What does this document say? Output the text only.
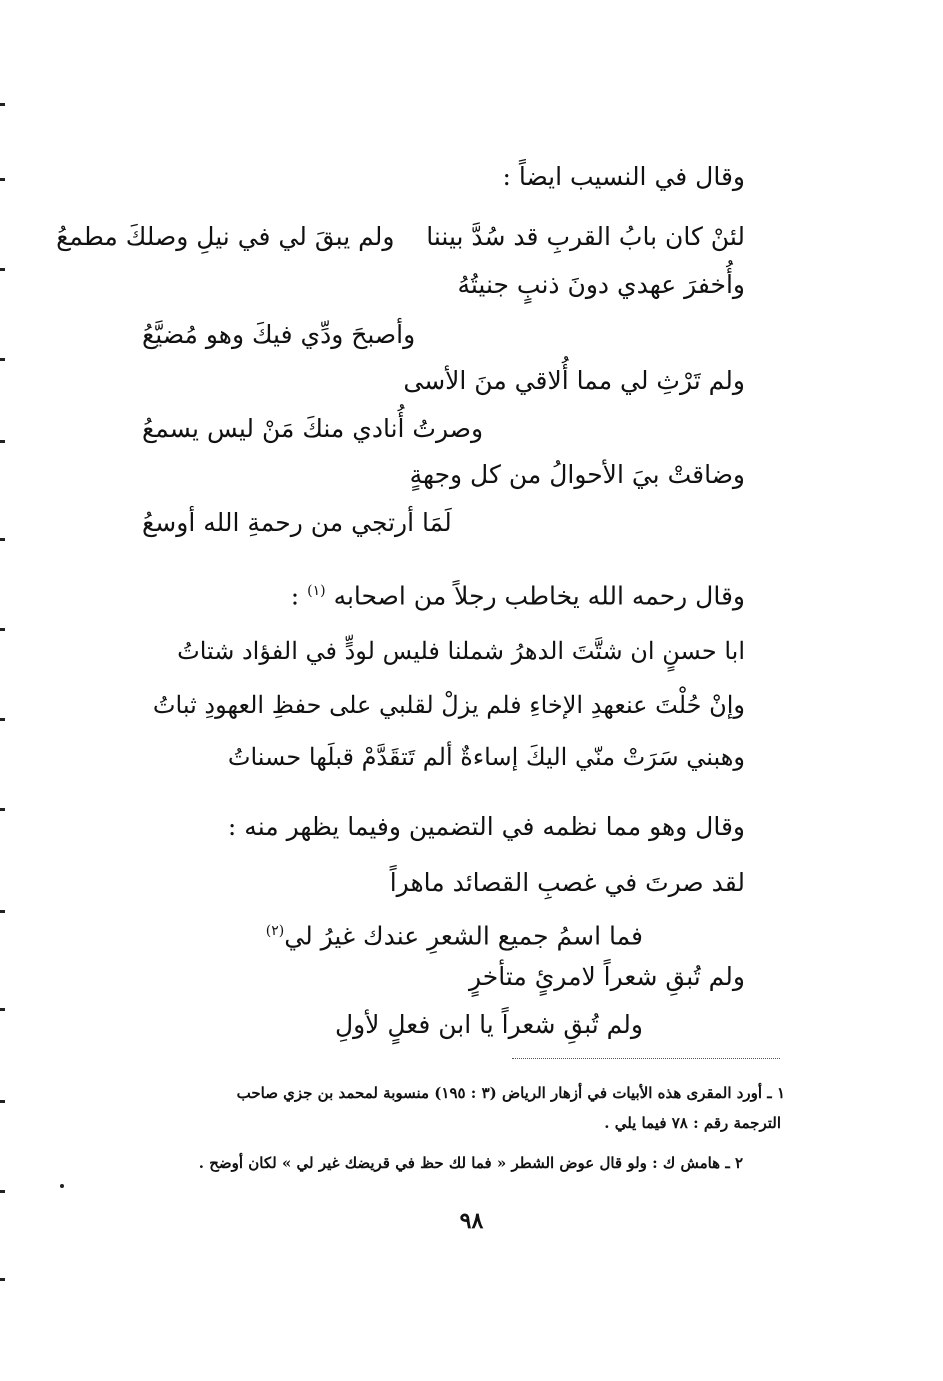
وقال في النسيب ايضاً :
لئنْ كان بابُ القربِ قد سُدَّ بيننا    ولم يبقَ لي في نيلِ وصلكَ مطمعُ
وأُخفرَ عهدي دونَ ذنبٍ جنيتُهُ
وأصبحَ ودِّي فيكَ وهو مُضيَّعُ
ولم تَرْثِ لي مما أُلاقي منَ الأسى
وصرتُ أُنادي منكَ مَنْ ليس يسمعُ
وضاقتْ بيَ الأحوالُ من كل وجهةٍ
لَمَا أرتجي من رحمةِ الله أوسعُ
وقال رحمه الله يخاطب رجلاً من اصحابه $^{(١)}$ :
ابا حسنٍ ان شتَّتَ الدهرُ شملنا فليس لودٍّ في الفؤاد شتاتُ
وإنْ حُلْتَ عنعهدِ الإخاءِ فلم يزلْ لقلبي على حفظِ العهودِ ثباتُ
وهبني سَرَتْ منّي اليكَ إساءةٌ ألم تَتقَدَّمْ قبلَها حسناتُ
وقال وهو مما نظمه في التضمين وفيما يظهر منه :
لقد صرتَ في غصبِ القصائد ماهراً
فما اسمُ جميع الشعرِ عندك غيرُ لي$^{(٢)}$
ولم تُبقِ شعراً لامرئٍ متأخرٍ
ولم تُبقِ شعراً يا ابن فعلٍ لأولِ
١ ـ أورد المقرى هذه الأبيات في أزهار الرياض (٣ : ١٩٥) منسوبة لمحمد بن جزي صاحب
الترجمة رقم : ٧٨ فيما يلي .
٢ ـ هامش ك : ولو قال عوض الشطر « فما لك حظ في قريضك غير لي » لكان أوضح .
٩٨
